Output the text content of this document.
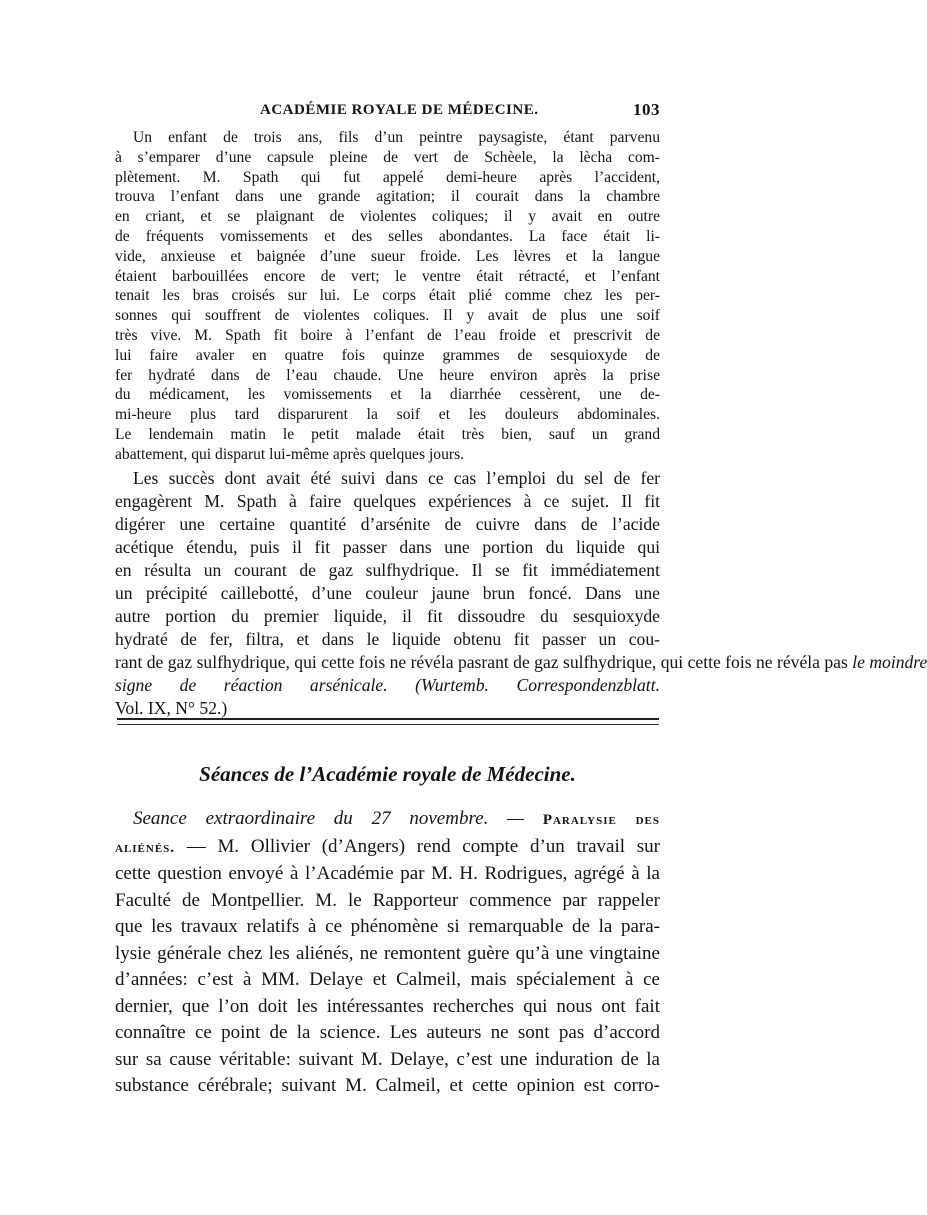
ACADÉMIE ROYALE DE MÉDECINE.	103

Un enfant de trois ans, fils d’un peintre paysagiste, étant parvenu
à s’emparer d’une capsule pleine de vert de Schèele, la lècha com-
plètement. M. Spath qui fut appelé demi-heure après l’accident,
trouva l’enfant dans une grande agitation; il courait dans la chambre
en criant, et se plaignant de violentes coliques; il y avait en outre
de fréquents vomissements et des selles abondantes. La face était li-
vide, anxieuse et baignée d’une sueur froide. Les lèvres et la langue
étaient barbouillées encore de vert; le ventre était rétracté, et l’enfant
tenait les bras croisés sur lui. Le corps était plié comme chez les per-
sonnes qui souffrent de violentes coliques. Il y avait de plus une soif
très vive. M. Spath fit boire à l’enfant de l’eau froide et prescrivit de
lui faire avaler en quatre fois quinze grammes de sesquioxyde de
fer hydraté dans de l’eau chaude. Une heure environ après la prise
du médicament, les vomissements et la diarrhée cessèrent, une de-
mi-heure plus tard disparurent la soif et les douleurs abdominales.
Le lendemain matin le petit malade était très bien, sauf un grand
abattement, qui disparut lui-même après quelques jours.

Les succès dont avait été suivi dans ce cas l’emploi du sel de fer
engagèrent M. Spath à faire quelques expériences à ce sujet. Il fit
digérer une certaine quantité d’arsénite de cuivre dans de l’acide
acétique étendu, puis il fit passer dans une portion du liquide qui
en résulta un courant de gaz sulfhydrique. Il se fit immédiatement
un précipité caillebotté, d’une couleur jaune brun foncé. Dans une
autre portion du premier liquide, il fit dissoudre du sesquioxyde
hydraté de fer, filtra, et dans le liquide obtenu fit passer un cou-
rant de gaz sulfhydrique, qui cette fois ne révéla pasrant de gaz sulfhydrique, qui cette fois ne révéla pas le moindre
signe de réaction arsénicale. (Wurtemb. Correspondenzblatt.
Vol. IX, N° 52.)

Séances de l’Académie royale de Médecine.

Seance extraordinaire du 27 novembre. — Paralysie des
aliénés. — M. Ollivier (d’Angers) rend compte d’un travail sur
cette question envoyé à l’Académie par M. H. Rodrigues, agrégé à la
Faculté de Montpellier. M. le Rapporteur commence par rappeler
que les travaux relatifs à ce phénomène si remarquable de la para-
lysie générale chez les aliénés, ne remontent guère qu’à une vingtaine
d’années: c’est à MM. Delaye et Calmeil, mais spécialement à ce
dernier, que l’on doit les intéressantes recherches qui nous ont fait
connaître ce point de la science. Les auteurs ne sont pas d’accord
sur sa cause véritable: suivant M. Delaye, c’est une induration de la
substance cérébrale; suivant M. Calmeil, et cette opinion est corro-
